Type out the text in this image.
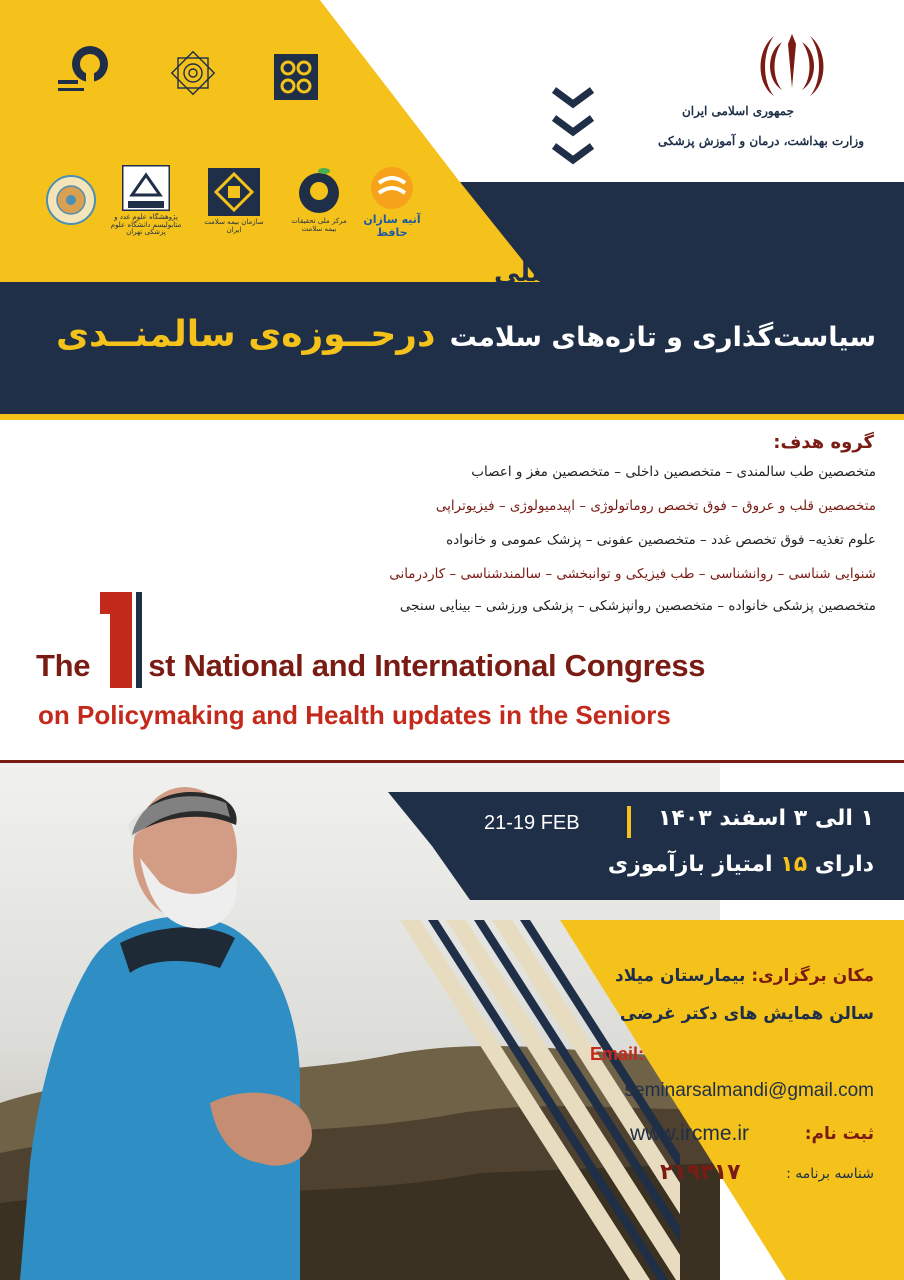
جمهوری اسلامی ایران
وزارت بهداشت، درمان و آموزش پزشکی
پژوهشگاه علوم غدد و متابولیسم دانشگاه علوم پزشکی تهران
سازمان بیمه سلامت ایران
مرکز ملی تحقیقات بیمه سلامت
آتیه سازان حافظ
اولین کنگره ملی و بین‌المللی
سیاست‌گذاری و تازه‌های سلامت
درحــوزه‌ی سالمنــدی
گروه هدف:
متخصصین طب سالمندی – متخصصین داخلی – متخصصین مغز و اعصاب
متخصصین قلب و عروق – فوق تخصص روماتولوژی – اپیدمیولوژی – فیزیوتراپی
علوم تغذیه– فوق تخصص غدد – متخصصین عفونی – پزشک عمومی و خانواده
شنوایی شناسی – روانشناسی – طب فیزیکی و توانبخشی – سالمندشناسی – کاردرمانی
متخصصین پزشکی خانواده – متخصصین روانپزشکی – پزشکی ورزشی – بینایی سنجی
The st National and International Congress
on Policymaking and Health updates in the Seniors
21-19 FEB	۱ الی ۳ اسفند ۱۴۰۳
دارای ۱۵ امتیاز بازآموزی
مکان برگزاری: بیمارستان میلاد
سالن همایش های دکتر غرضی
Email:
seminarsalmandi@gmail.com
ثبت نام:
www.ircme.ir
شناسه برنامه :
۲۱۹۳۱۷
